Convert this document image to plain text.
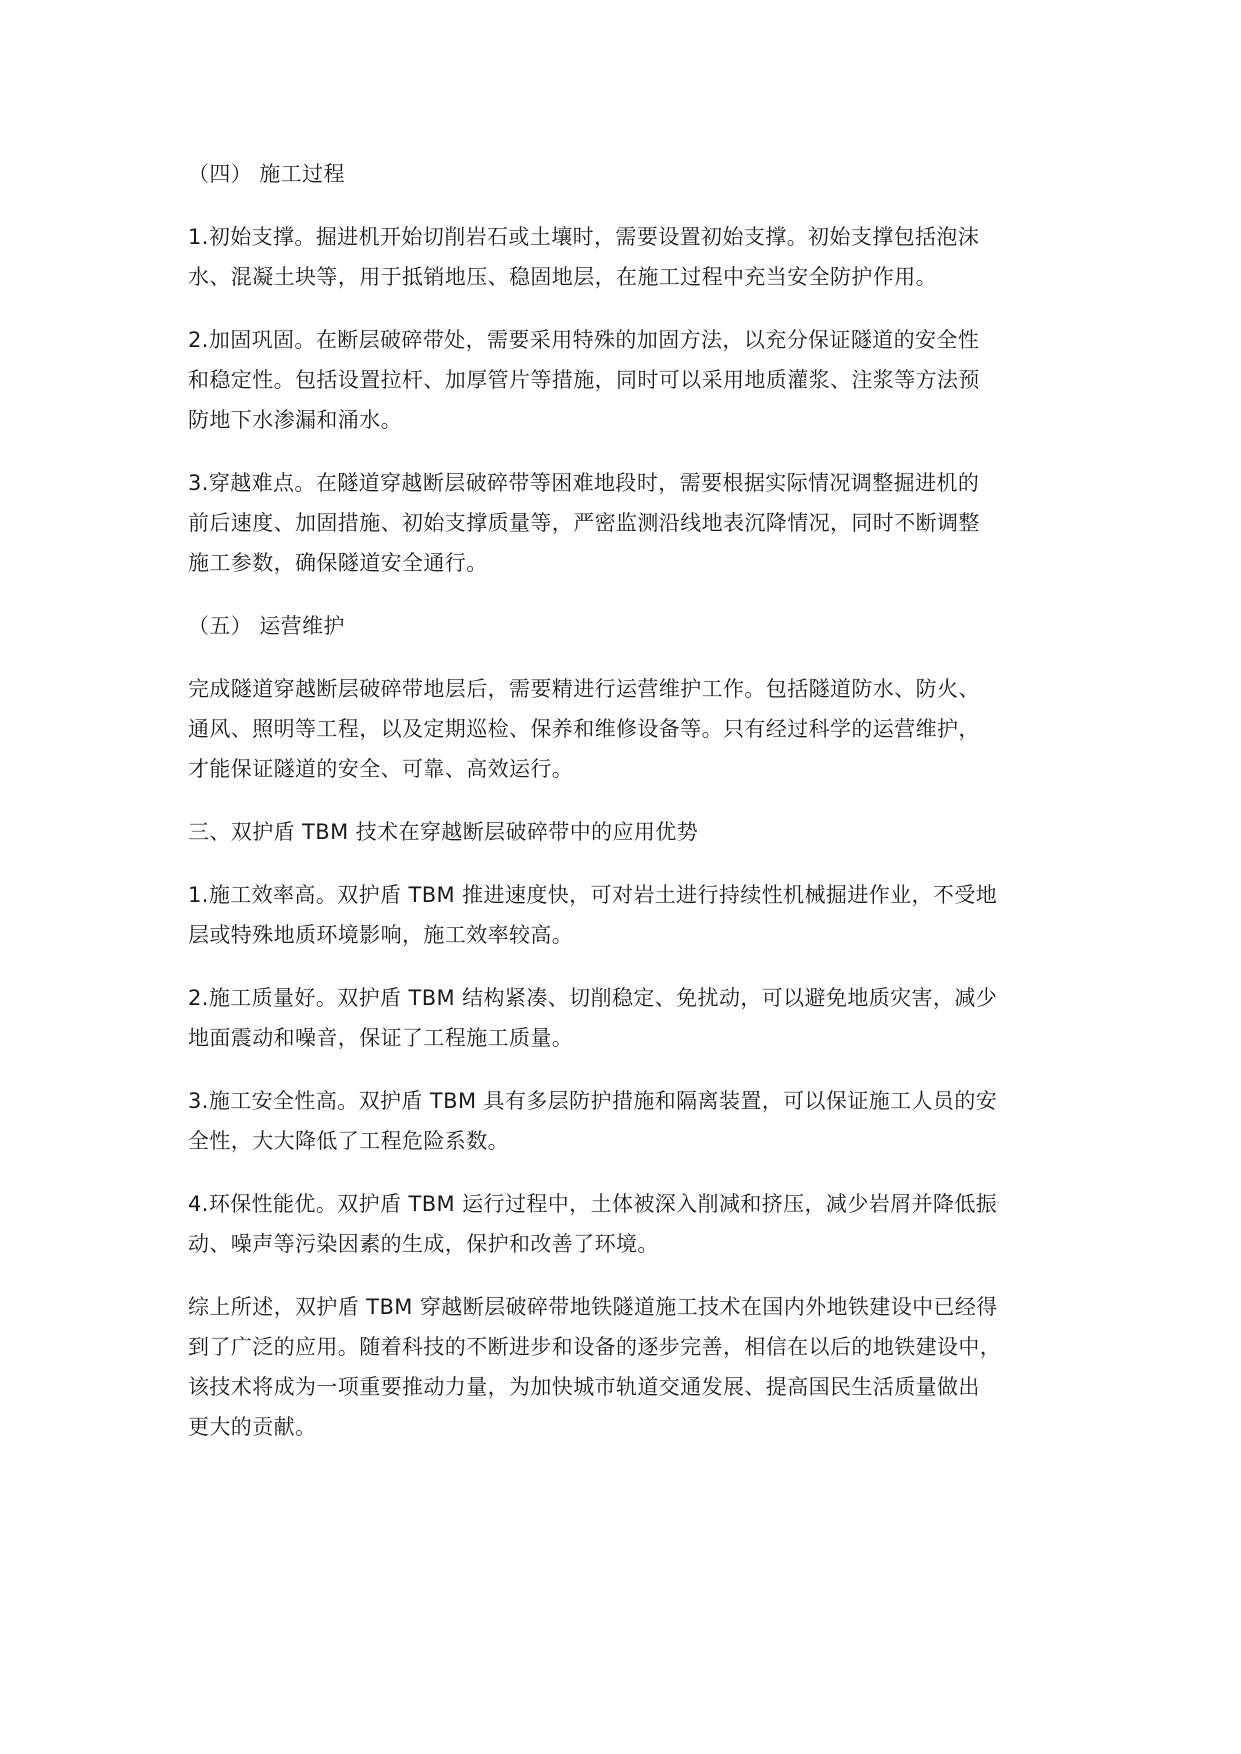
（四） 施工过程
1.初始支撑。掘进机开始切削岩石或土壤时，需要设置初始支撑。初始支撑包括泡沫
水、混凝土块等，用于抵销地压、稳固地层，在施工过程中充当安全防护作用。
2.加固巩固。在断层破碎带处，需要采用特殊的加固方法，以充分保证隧道的安全性
和稳定性。包括设置拉杆、加厚管片等措施，同时可以采用地质灌浆、注浆等方法预
防地下水渗漏和涌水。
3.穿越难点。在隧道穿越断层破碎带等困难地段时，需要根据实际情况调整掘进机的
前后速度、加固措施、初始支撑质量等，严密监测沿线地表沉降情况，同时不断调整
施工参数，确保隧道安全通行。
（五） 运营维护
完成隧道穿越断层破碎带地层后，需要精进行运营维护工作。包括隧道防水、防火、
通风、照明等工程，以及定期巡检、保养和维修设备等。只有经过科学的运营维护，
才能保证隧道的安全、可靠、高效运行。
三、双护盾 TBM 技术在穿越断层破碎带中的应用优势
1.施工效率高。双护盾 TBM 推进速度快，可对岩土进行持续性机械掘进作业，不受地
层或特殊地质环境影响，施工效率较高。
2.施工质量好。双护盾 TBM 结构紧凑、切削稳定、免扰动，可以避免地质灾害，减少
地面震动和噪音，保证了工程施工质量。
3.施工安全性高。双护盾 TBM 具有多层防护措施和隔离装置，可以保证施工人员的安
全性，大大降低了工程危险系数。
4.环保性能优。双护盾 TBM 运行过程中，土体被深入削减和挤压，减少岩屑并降低振
动、噪声等污染因素的生成，保护和改善了环境。
综上所述，双护盾 TBM 穿越断层破碎带地铁隧道施工技术在国内外地铁建设中已经得
到了广泛的应用。随着科技的不断进步和设备的逐步完善，相信在以后的地铁建设中，
该技术将成为一项重要推动力量，为加快城市轨道交通发展、提高国民生活质量做出
更大的贡献。
